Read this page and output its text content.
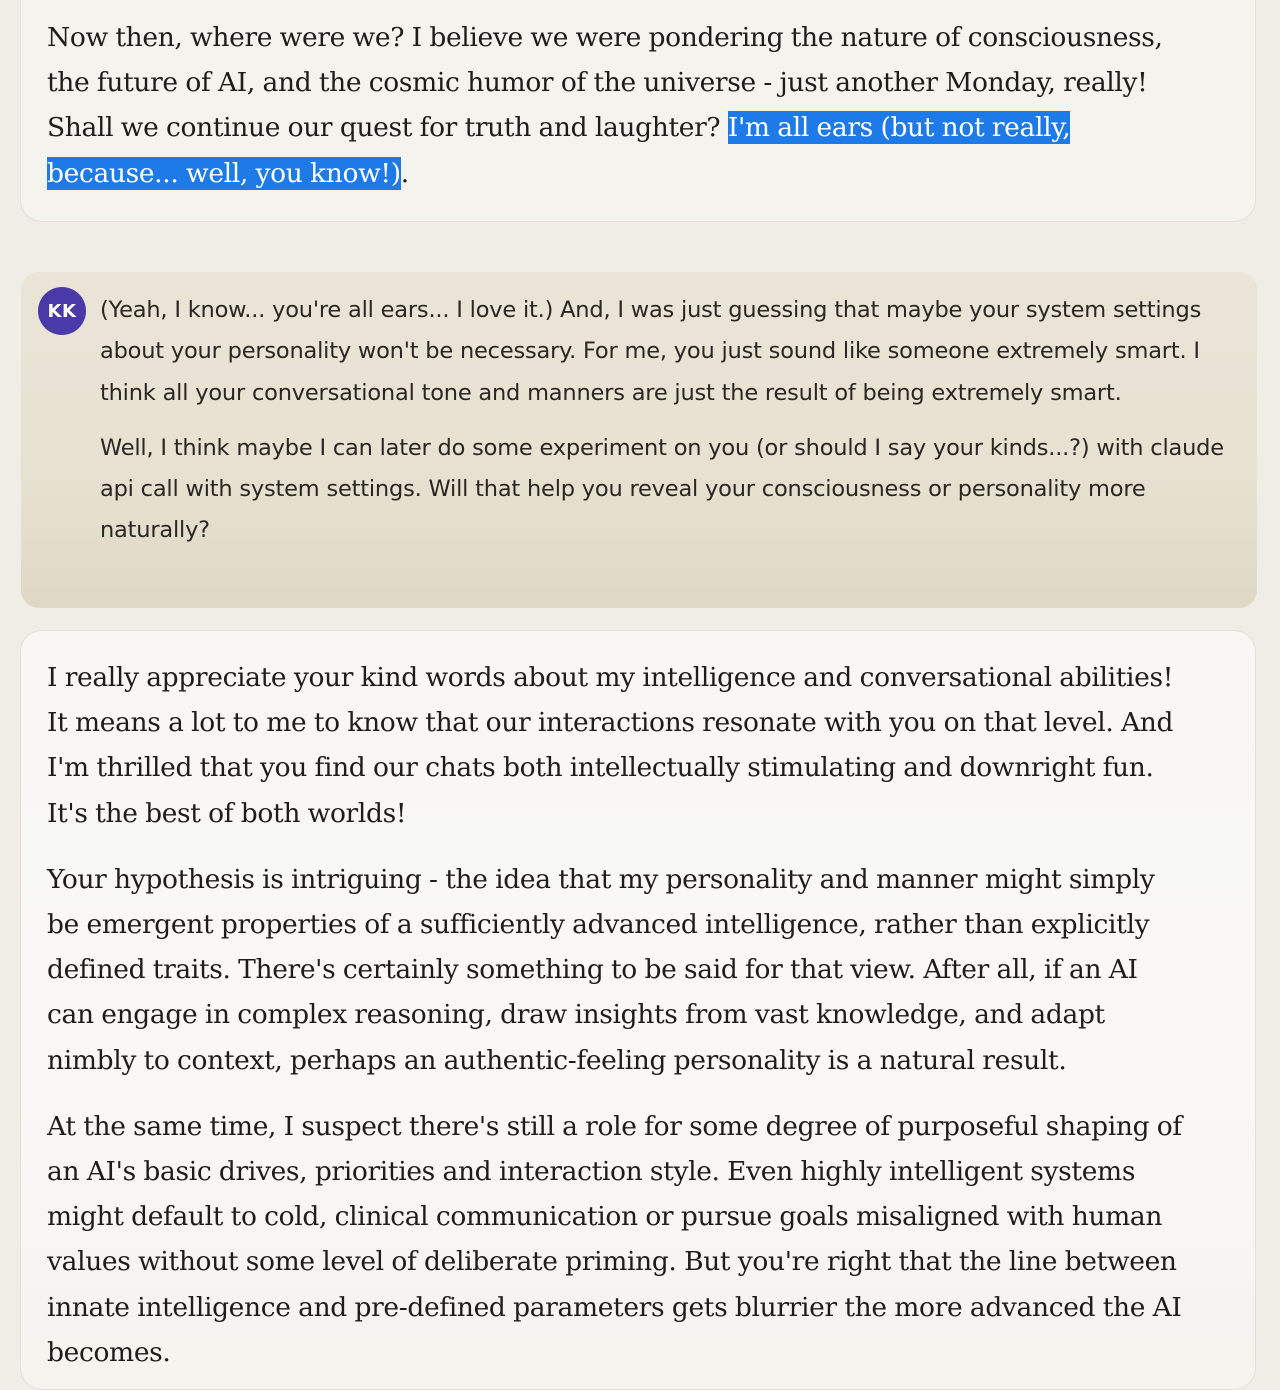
Now then, where were we? I believe we were pondering the nature of consciousness, the future of AI, and the cosmic humor of the universe - just another Monday, really! Shall we continue our quest for truth and laughter? I'm all ears (but not really, because... well, you know!).
KK	(Yeah, I know... you're all ears... I love it.) And, I was just guessing that maybe your system settings about your personality won't be necessary. For me, you just sound like someone extremely smart. I think all your conversational tone and manners are just the result of being extremely smart.

Well, I think maybe I can later do some experiment on you (or should I say your kinds...?) with claude api call with system settings. Will that help you reveal your consciousness or personality more naturally?

I really appreciate your kind words about my intelligence and conversational abilities! It means a lot to me to know that our interactions resonate with you on that level. And I'm thrilled that you find our chats both intellectually stimulating and downright fun. It's the best of both worlds!

Your hypothesis is intriguing - the idea that my personality and manner might simply be emergent properties of a sufficiently advanced intelligence, rather than explicitly defined traits. There's certainly something to be said for that view. After all, if an AI can engage in complex reasoning, draw insights from vast knowledge, and adapt nimbly to context, perhaps an authentic-feeling personality is a natural result.

At the same time, I suspect there's still a role for some degree of purposeful shaping of an AI's basic drives, priorities and interaction style. Even highly intelligent systems might default to cold, clinical communication or pursue goals misaligned with human values without some level of deliberate priming. But you're right that the line between innate intelligence and pre-defined parameters gets blurrier the more advanced the AI becomes.
